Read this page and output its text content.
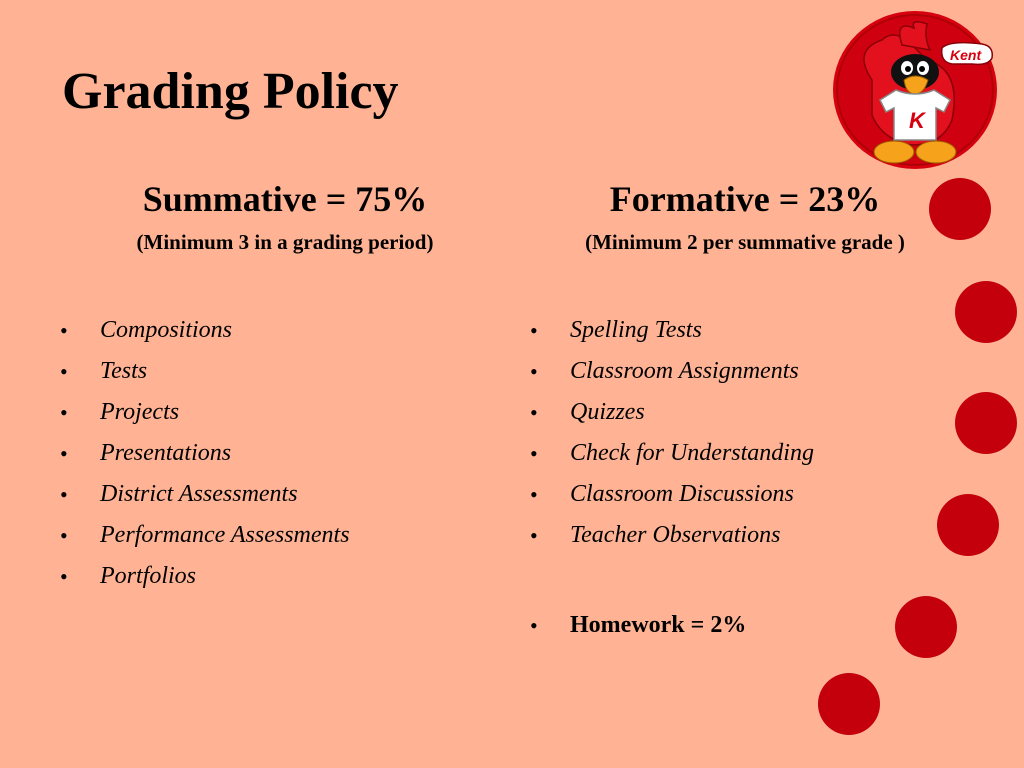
Grading Policy
Summative = 75%
(Minimum 3 in a grading period)
Formative = 23%
(Minimum 2 per summative grade )
• Compositions
• Tests
• Projects
• Presentations
• District Assessments
• Performance Assessments
• Portfolios
• Spelling Tests
• Classroom Assignments
• Quizzes
• Check for Understanding
• Classroom Discussions
• Teacher Observations
• Homework = 2%
K
Kent
